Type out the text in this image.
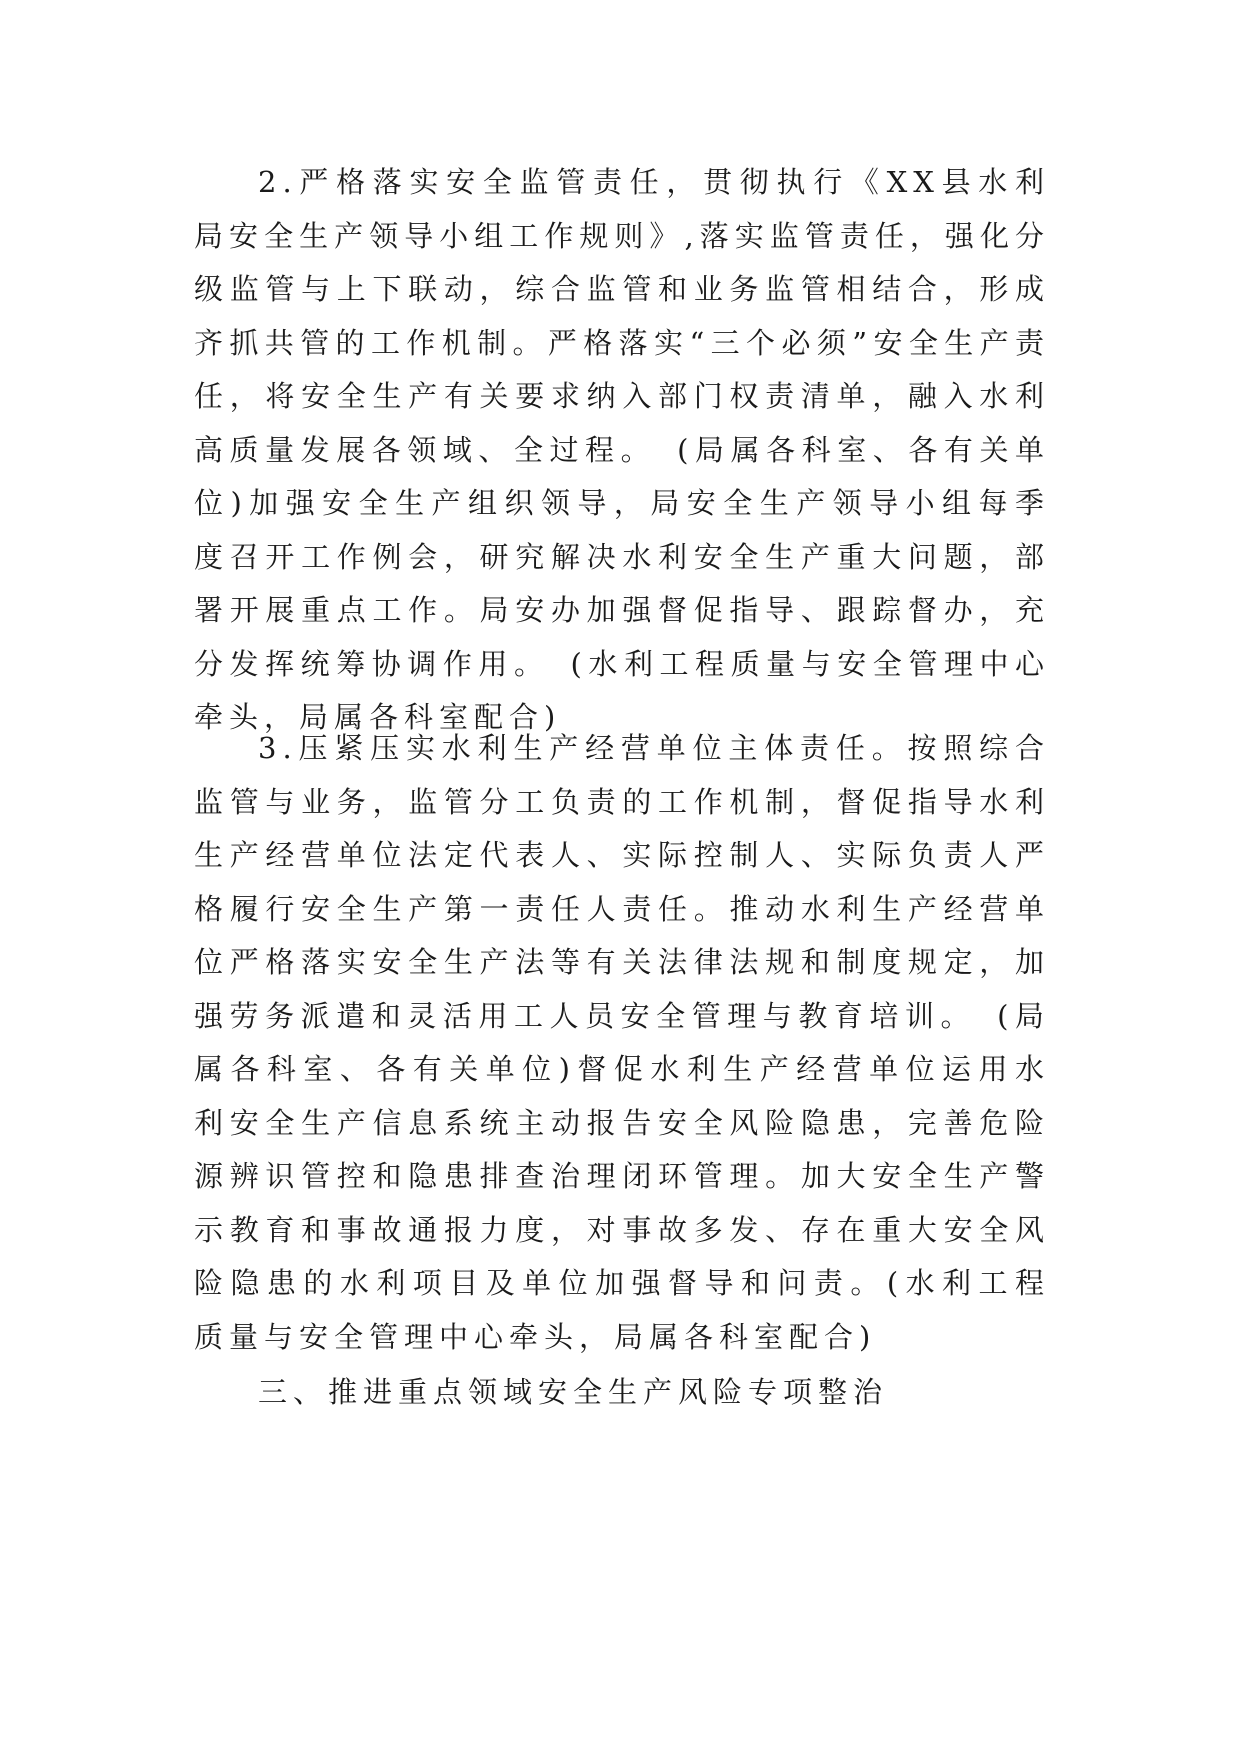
2.严格落实安全监管责任，贯彻执行《XX县水利局安全生产领导小组工作规则》,落实监管责任，强化分级监管与上下联动，综合监管和业务监管相结合，形成齐抓共管的工作机制。严格落实“三个必须”安全生产责任，将安全生产有关要求纳入部门权责清单，融入水利高质量发展各领域、全过程。　(局属各科室、各有关单位)加强安全生产组织领导，局安全生产领导小组每季度召开工作例会，研究解决水利安全生产重大问题，部署开展重点工作。局安办加强督促指导、跟踪督办，充分发挥统筹协调作用。　(水利工程质量与安全管理中心牵头，局属各科室配合)

3.压紧压实水利生产经营单位主体责任。按照综合监管与业务，监管分工负责的工作机制，督促指导水利生产经营单位法定代表人、实际控制人、实际负责人严格履行安全生产第一责任人责任。推动水利生产经营单位严格落实安全生产法等有关法律法规和制度规定，加强劳务派遣和灵活用工人员安全管理与教育培训。　(局属各科室、各有关单位)督促水利生产经营单位运用水利安全生产信息系统主动报告安全风险隐患，完善危险源辨识管控和隐患排查治理闭环管理。加大安全生产警示教育和事故通报力度，对事故多发、存在重大安全风险隐患的水利项目及单位加强督导和问责。(水利工程质量与安全管理中心牵头，局属各科室配合)

三、推进重点领域安全生产风险专项整治
